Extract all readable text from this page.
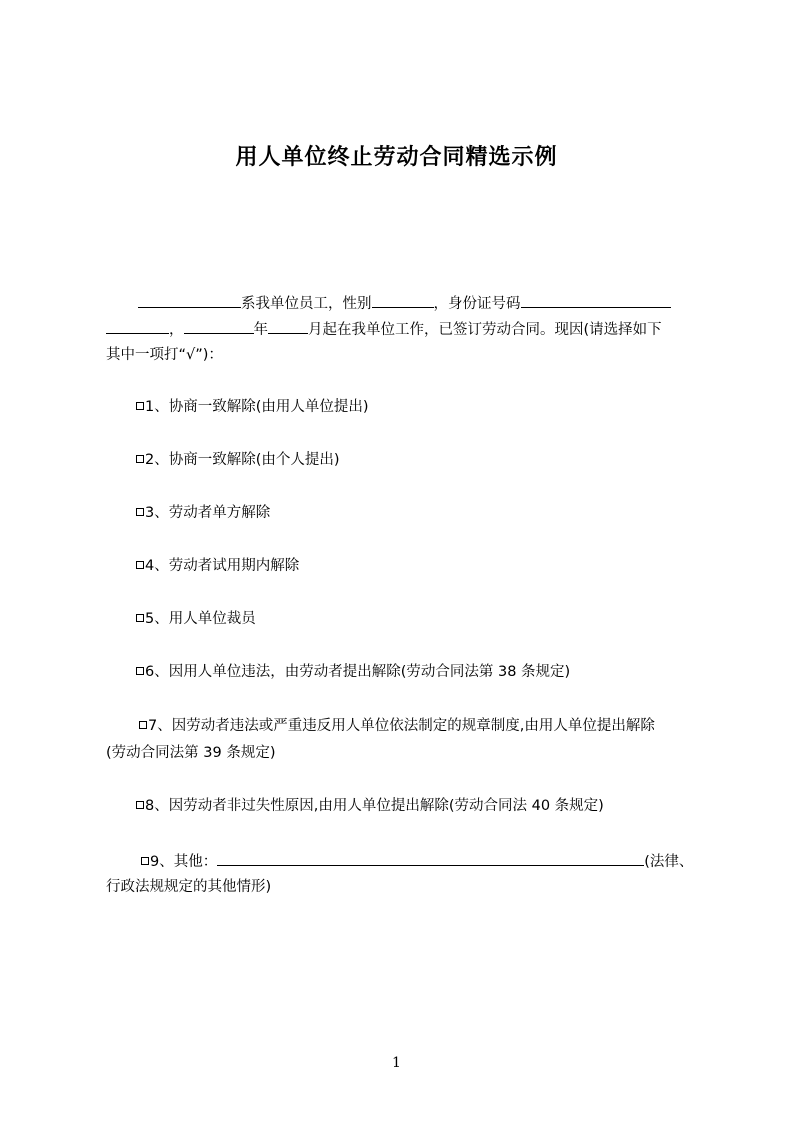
用人单位终止劳动合同精选示例
系我单位员工，性别	，身份证号码
，	年	月起在我单位工作，已签订劳动合同。现因(请选择如下
其中一项打“√”)：
1、协商一致解除(由用人单位提出)
2、协商一致解除(由个人提出)
3、劳动者单方解除
4、劳动者试用期内解除
5、用人单位裁员
6、因用人单位违法，由劳动者提出解除(劳动合同法第 38 条规定)
7、因劳动者违法或严重违反用人单位依法制定的规章制度,由用人单位提出解除
(劳动合同法第 39 条规定)
8、因劳动者非过失性原因,由用人单位提出解除(劳动合同法 40 条规定)
9、其他：	(法律、
行政法规规定的其他情形)
1
